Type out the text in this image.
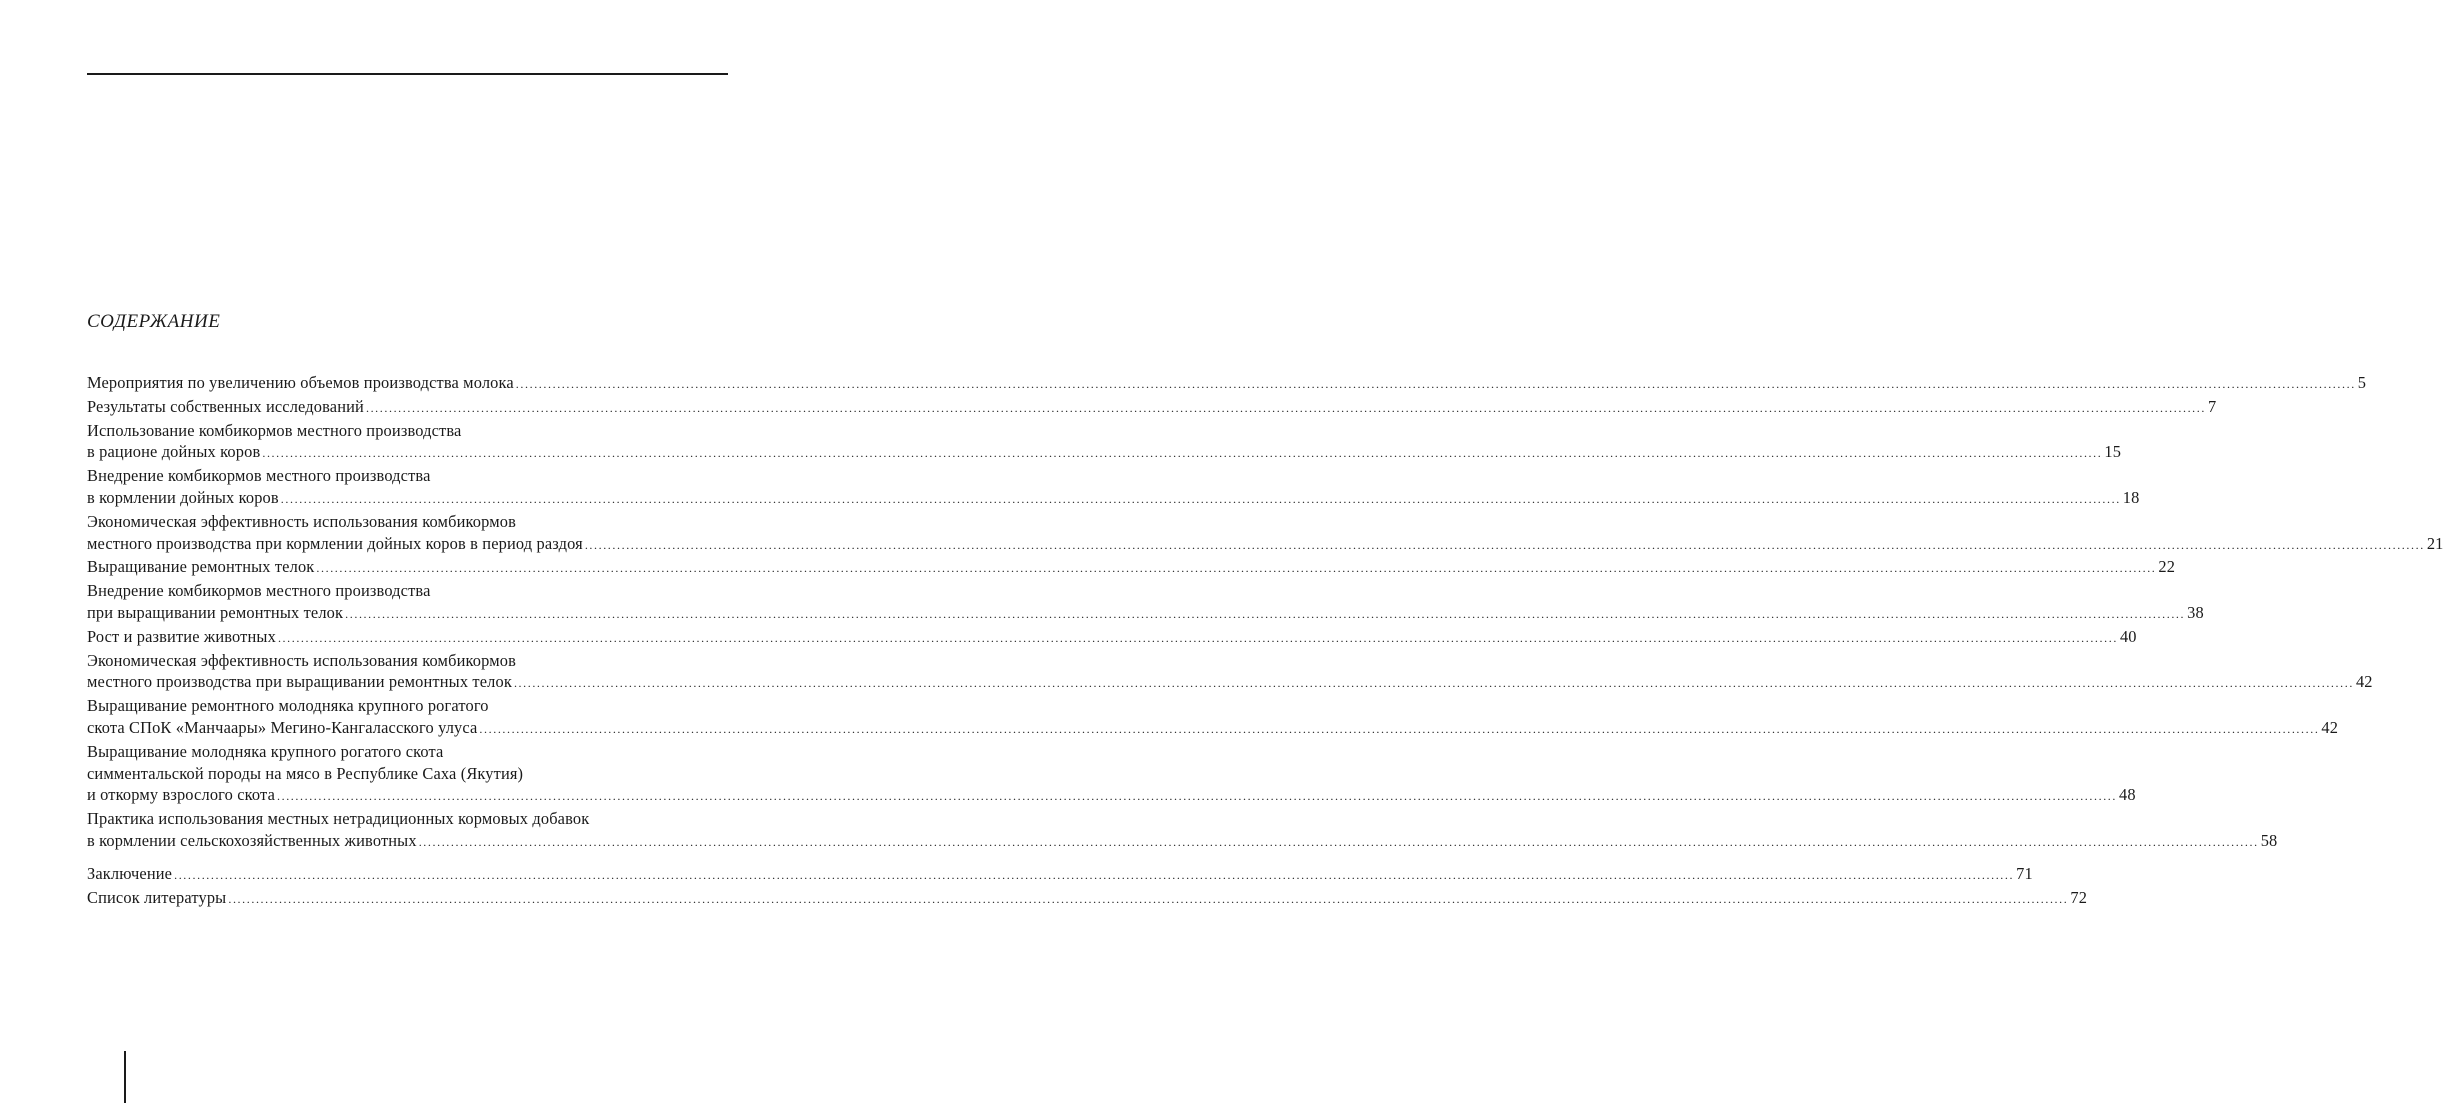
СОДЕРЖАНИЕ
Мероприятия по увеличению объемов производства молока ................................................................................................................................................................................................................................................................................................................................................................................................................ 5
Результаты собственных исследований ................................................................................................................................................................................................................................................................................................................................................................................................................ 7
Использование комбикормов местного производства
в рационе дойных коров ................................................................................................................................................................................................................................................................................................................................................................................................................ 15
Внедрение комбикормов местного производства
в кормлении дойных коров ................................................................................................................................................................................................................................................................................................................................................................................................................ 18
Экономическая эффективность использования комбикормов
местного производства при кормлении дойных коров в период раздоя ................................................................................................................................................................................................................................................................................................................................................................................................................ 21
Выращивание ремонтных телок ................................................................................................................................................................................................................................................................................................................................................................................................................ 22
Внедрение комбикормов местного производства
при выращивании ремонтных телок ................................................................................................................................................................................................................................................................................................................................................................................................................ 38
Рост и развитие животных ................................................................................................................................................................................................................................................................................................................................................................................................................ 40
Экономическая эффективность использования комбикормов
местного производства при выращивании ремонтных телок ................................................................................................................................................................................................................................................................................................................................................................................................................ 42
Выращивание ремонтного молодняка крупного рогатого
скота СПоК «Манчаары» Мегино-Кангаласского улуса ................................................................................................................................................................................................................................................................................................................................................................................................................ 42
Выращивание молодняка крупного рогатого скота
симментальской породы на мясо в Республике Саха (Якутия)
и откорму взрослого скота ................................................................................................................................................................................................................................................................................................................................................................................................................ 48
Практика использования местных нетрадиционных кормовых добавок
в кормлении сельскохозяйственных животных ................................................................................................................................................................................................................................................................................................................................................................................................................ 58
Заключение ................................................................................................................................................................................................................................................................................................................................................................................................................ 71
Список литературы ................................................................................................................................................................................................................................................................................................................................................................................................................ 72
